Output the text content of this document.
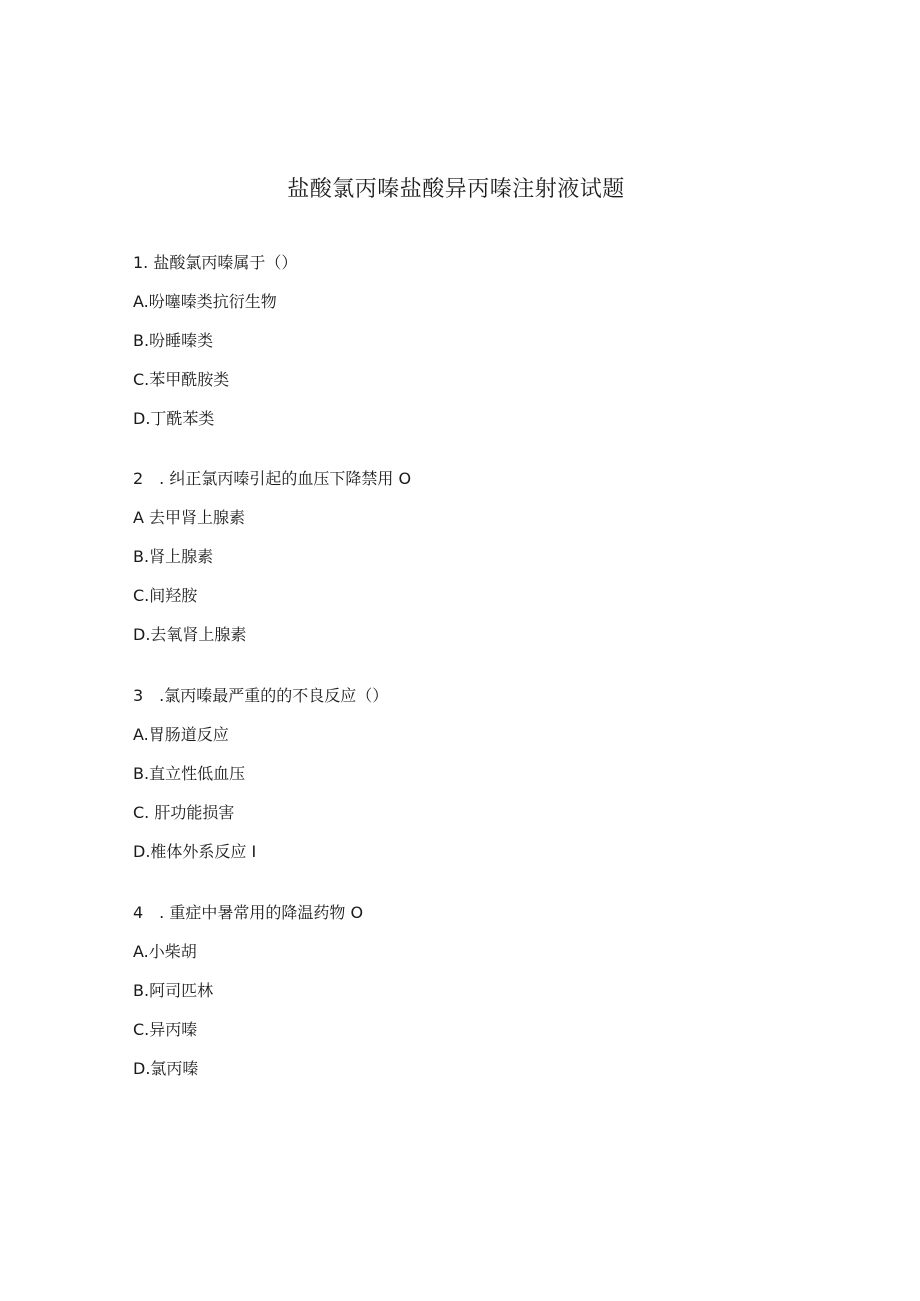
盐酸氯丙嗪盐酸异丙嗪注射液试题
1. 盐酸氯丙嗪属于（）
A.吩噻嗪类抗衍生物
B.吩睡嗪类
C.苯甲酰胺类
D.丁酰苯类
2　. 纠正氯丙嗪引起的血压下降禁用 O
A 去甲肾上腺素
B.肾上腺素
C.间羟胺
D.去氧肾上腺素
3　.氯丙嗪最严重的的不良反应（）
A.胃肠道反应
B.直立性低血压
C. 肝功能损害
D.椎体外系反应 I
4　. 重症中暑常用的降温药物 O
A.小柴胡
B.阿司匹林
C.异丙嗪
D.氯丙嗪
